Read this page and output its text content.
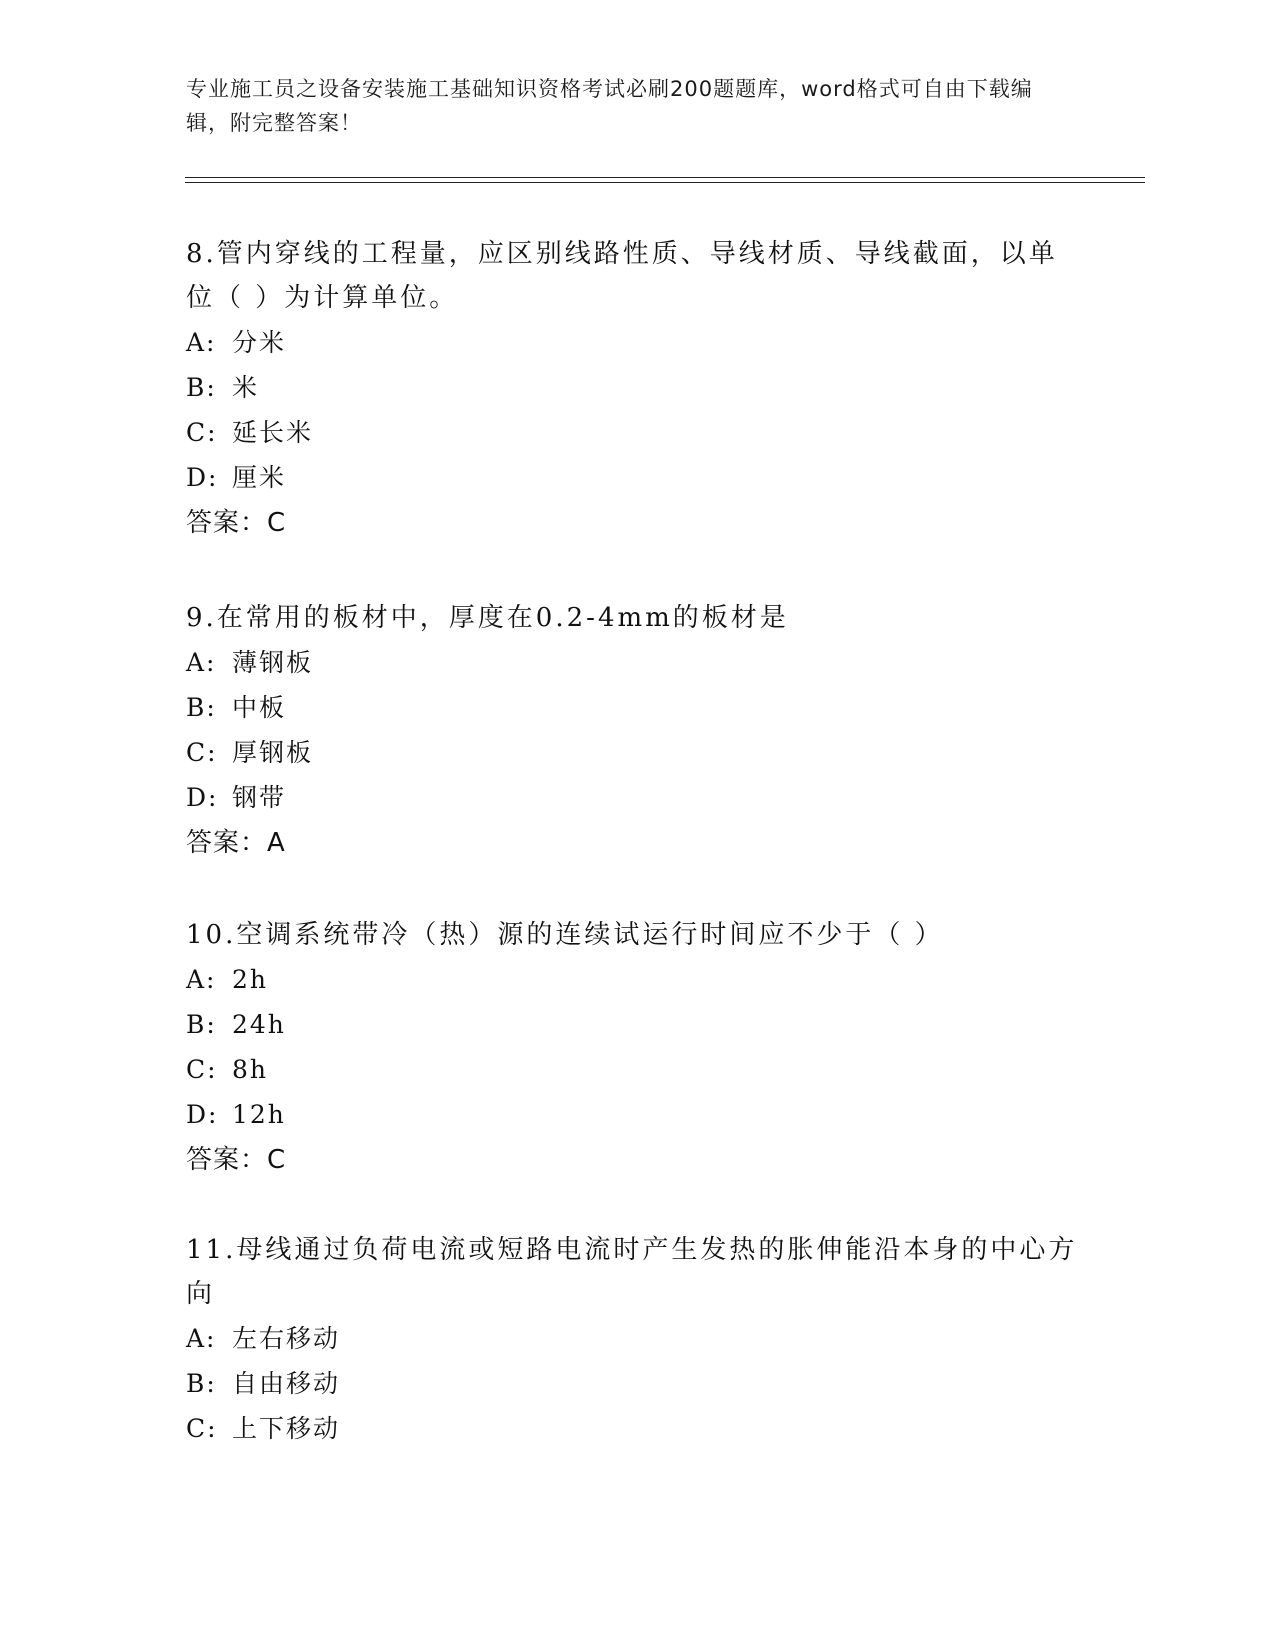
专业施工员之设备安装施工基础知识资格考试必刷200题题库，word格式可自由下载编辑，附完整答案！

8.管内穿线的工程量，应区别线路性质、导线材质、导线截面，以单位（ ）为计算单位。

A: 分米
B: 米
C: 延长米
D: 厘米
答案：C

9.在常用的板材中，厚度在0.2-4mm的板材是

A: 薄钢板
B: 中板
C: 厚钢板
D: 钢带
答案：A

10.空调系统带冷（热）源的连续试运行时间应不少于（ ）

A: 2h
B: 24h
C: 8h
D: 12h
答案：C

11.母线通过负荷电流或短路电流时产生发热的胀伸能沿本身的中心方向

A: 左右移动
B: 自由移动
C: 上下移动
